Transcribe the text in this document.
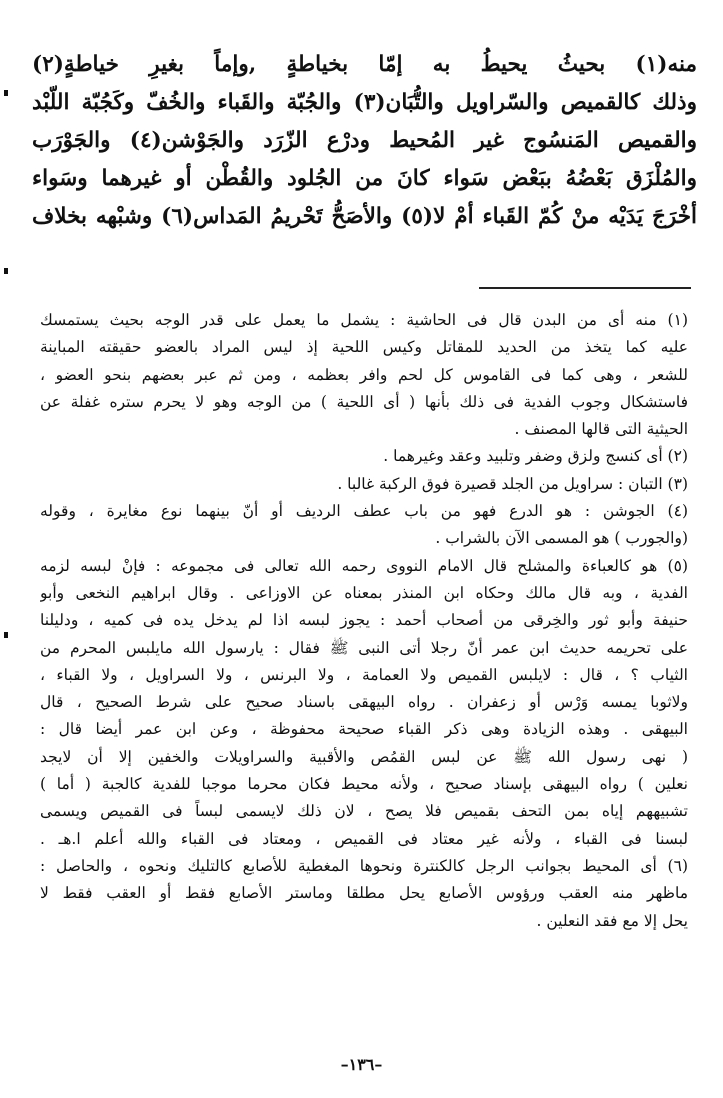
منه(١) بحيثُ يحيطُ به إمّا بخياطةٍ ,وإماً بغيرِ خياطةٍ(٢)
وذلك كالقميص والسّراويل والتُّبَان(٣) والجُبّة والقَباء والخُفّ وكَجُبّة اللّبْد
والقميص المَنسُوج غير المُحيط ودرْع الزّرَد والجَوْشن(٤) والجَوْرَب
والمُلْزَق بَعْضُهُ ببَعْض سَواء كانَ من الجُلود والقُطْن أو غيرهما وسَواء
أخْرَجَ يَدَيْه منْ كُمّ القَباء أمْ لا(٥) والأصَحُّ تَحْريمُ المَداس(٦) وشبْهه بخلاف
(١) منه أى من البدن قال فى الحاشية : يشمل ما يعمل على قدر الوجه بحيث يستمسك
عليه كما يتخذ من الحديد للمقاتل وكيس اللحية إذ ليس المراد بالعضو حقيقته المباينة
للشعر ، وهى كما فى القاموس كل لحم وافر بعظمه ، ومن ثم عبر بعضهم بنحو العضو ،
فاستشكال وجوب الفدية فى ذلك بأنها ( أى اللحية ) من الوجه وهو لا يحرم ستره غفلة عن
الحيثية التى قالها المصنف .
(٢) أى كنسج ولزق وضفر وتلبيد وعقد وغيرهما .
(٣) التبان : سراويل من الجلد قصيرة فوق الركبة غالبا .
(٤) الجوشن : هو الدرع فهو من باب عطف الرديف أو أنّ بينهما نوع مغايرة ، وقوله
(والجورب ) هو المسمى الآن بالشراب .
(٥) هو كالعباءة والمشلح قال الامام النووى رحمه الله تعالى فى مجموعه : فإنْ لبسه لزمه
الفدية ، وبه قال مالك وحكاه ابن المنذر بمعناه عن الاوزاعى . وقال ابراهيم النخعى وأبو
حنيفة وأبو ثور والخِرقى من أصحاب أحمد : يجوز لبسه اذا لم يدخل يده فى كميه ، ودليلنا
على تحريمه حديث ابن عمر أنّ رجلا أتى النبى ﷺ فقال : يارسول الله مايلبس المحرم من
الثياب ؟ ، قال : لايلبس القميص ولا العمامة ، ولا البرنس ، ولا السراويل ، ولا القباء ،
ولاثوبا يمسه وَرْس أو زعفران . رواه البيهقى باسناد صحيح على شرط الصحيح ، قال
البيهقى . وهذه الزيادة وهى ذكر القباء صحيحة محفوظة ، وعن ابن عمر أيضا قال :
( نهى رسول الله ﷺ عن لبس القمُص والأقبية والسراويلات والخفين إلا أن لايجد
نعلين ) رواه البيهقى بإسناد صحيح ، ولأنه محيط فكان محرما موجبا للفدية كالجبة ( أما )
تشبيههم إياه بمن التحف بقميص فلا يصح ، لان ذلك لايسمى لبساً فى القميص ويسمى
لبسنا فى القباء ، ولأنه غير معتاد فى القميص ، ومعتاد فى القباء والله أعلم ا.هـ .
(٦) أى المحيط بجوانب الرجل كالكنترة ونحوها المغطية للأصابع كالتليك ونحوه ، والحاصل :
ماظهر منه العقب ورؤوس الأصابع يحل مطلقا وماستر الأصابع فقط أو العقب فقط لا
يحل إلا مع فقد النعلين .
–١٣٦–
